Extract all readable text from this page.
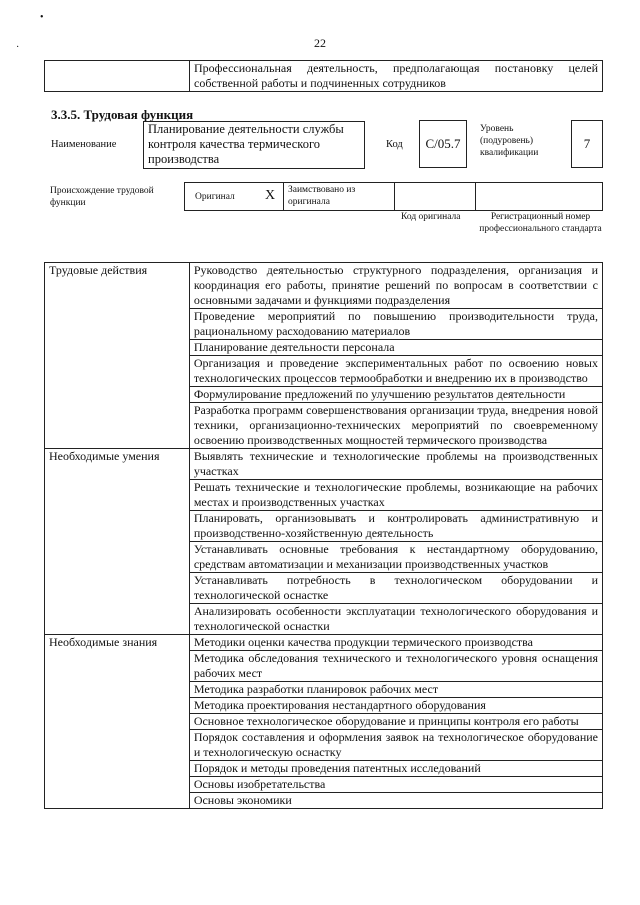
•
·	22
	Профессиональная деятельность, предполагающая постановку целей собственной работы и подчиненных сотрудников
3.3.5. Трудовая функция
Наименование
Планирование деятельности службы контроля качества термического производства
Код	C/05.7
Уровень (подуровень) квалификации
7
Происхождение трудовой функции
Оригинал X Заимствовано из оригинала
Код оригинала	Регистрационный номер профессионального стандарта
Трудовые действия	Руководство деятельностью структурного подразделения, организация и координация его работы, принятие решений по вопросам в соответствии с основными задачами и функциями подразделения
	Проведение мероприятий по повышению производительности труда, рациональному расходованию материалов
	Планирование деятельности персонала
	Организация и проведение экспериментальных работ по освоению новых технологических процессов термообработки и внедрению их в производство
	Формулирование предложений по улучшению результатов деятельности
	Разработка программ совершенствования организации труда, внедрения новой техники, организационно-технических мероприятий по своевременному освоению производственных мощностей термического производства
Необходимые умения	Выявлять технические и технологические проблемы на производственных участках
	Решать технические и технологические проблемы, возникающие на рабочих местах и производственных участках
	Планировать, организовывать и контролировать административную и производственно-хозяйственную деятельность
	Устанавливать основные требования к нестандартному оборудованию, средствам автоматизации и механизации производственных участков
	Устанавливать потребность в технологическом оборудовании и технологической оснастке
	Анализировать особенности эксплуатации технологического оборудования и технологической оснастки
Необходимые знания	Методики оценки качества продукции термического производства
	Методика обследования технического и технологического уровня оснащения рабочих мест
	Методика разработки планировок рабочих мест
	Методика проектирования нестандартного оборудования
	Основное технологическое оборудование и принципы контроля его работы
	Порядок составления и оформления заявок на технологическое оборудование и технологическую оснастку
	Порядок и методы проведения патентных исследований
	Основы изобретательства
	Основы экономики
